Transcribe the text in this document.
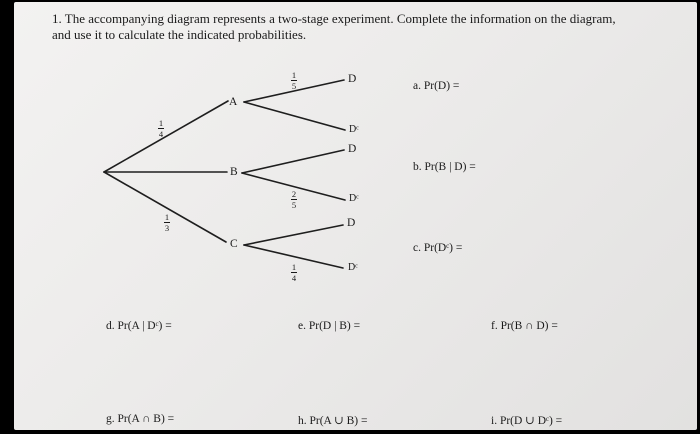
1. The accompanying diagram represents a two-stage experiment. Complete the information on the diagram,
and use it to calculate the indicated probabilities.
A
B
C
D
Dᶜ
D
Dᶜ
D
Dᶜ
1
4
1
3
1
5
2
5
1
4
a. Pr(D) =
b. Pr(B | D) =
c. Pr(Dᶜ) =
d. Pr(A | Dᶜ) =	e. Pr(D | B) =	f. Pr(B ∩ D) =
g. Pr(A ∩ B) =	h. Pr(A ∪ B) =	i. Pr(D ∪ Dᶜ) =
